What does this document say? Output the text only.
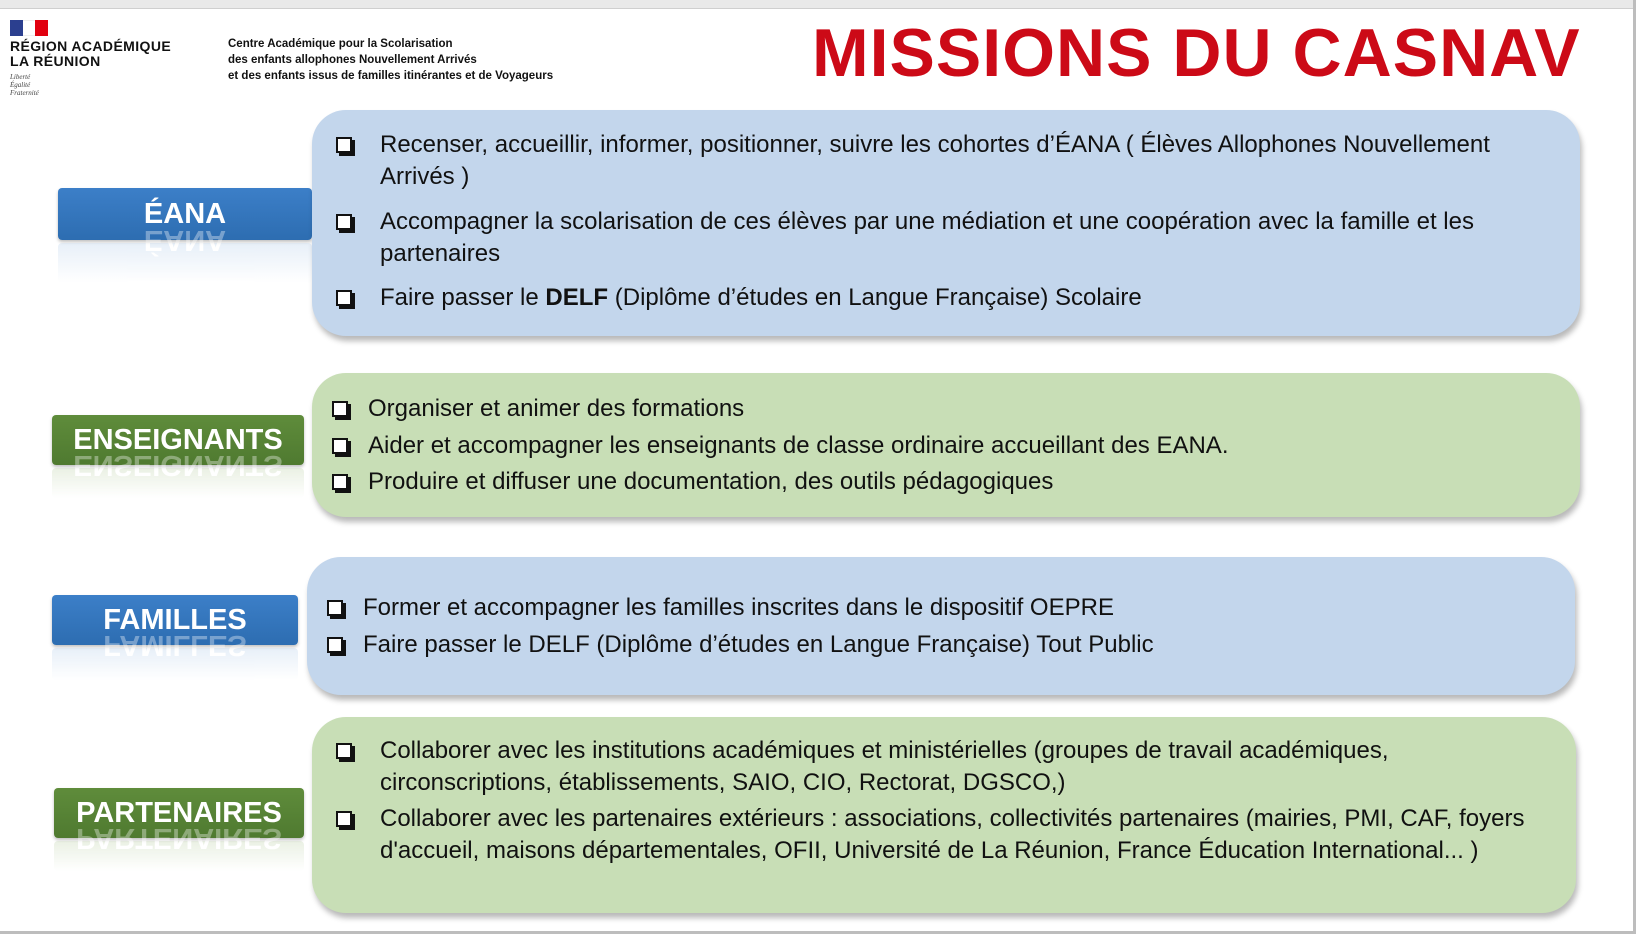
RÉGION ACADÉMIQUE
LA RÉUNION
Liberté
Égalité
Fraternité
Centre Académique pour la Scolarisation
des enfants allophones Nouvellement Arrivés
et des enfants issus de familles itinérantes et de Voyageurs	MISSIONS DU CASNAV
ÉANA
ÉANA
Recenser, accueillir, informer, positionner, suivre les cohortes d’ÉANA ( Élèves Allophones Nouvellement Arrivés )
Accompagner la scolarisation de ces élèves par une médiation et une coopération avec la famille et les partenaires
Faire passer le DELF (Diplôme d’études en Langue Française) Scolaire
ENSEIGNANTS
ENSEIGNANTS
Organiser et animer des formations
Aider et accompagner les enseignants de classe ordinaire accueillant des EANA.
Produire et diffuser une documentation, des outils pédagogiques
FAMILLES
FAMILLES
Former et accompagner les familles inscrites dans le dispositif OEPRE
Faire passer le DELF (Diplôme d’études en Langue Française) Tout Public
PARTENAIRES
PARTENAIRES
Collaborer avec les institutions académiques et ministérielles (groupes de travail académiques, circonscriptions, établissements, SAIO, CIO, Rectorat, DGSCO,)
Collaborer avec les partenaires extérieurs : associations, collectivités partenaires (mairies, PMI, CAF, foyers d'accueil, maisons départementales, OFII, Université de La Réunion, France Éducation International... )
